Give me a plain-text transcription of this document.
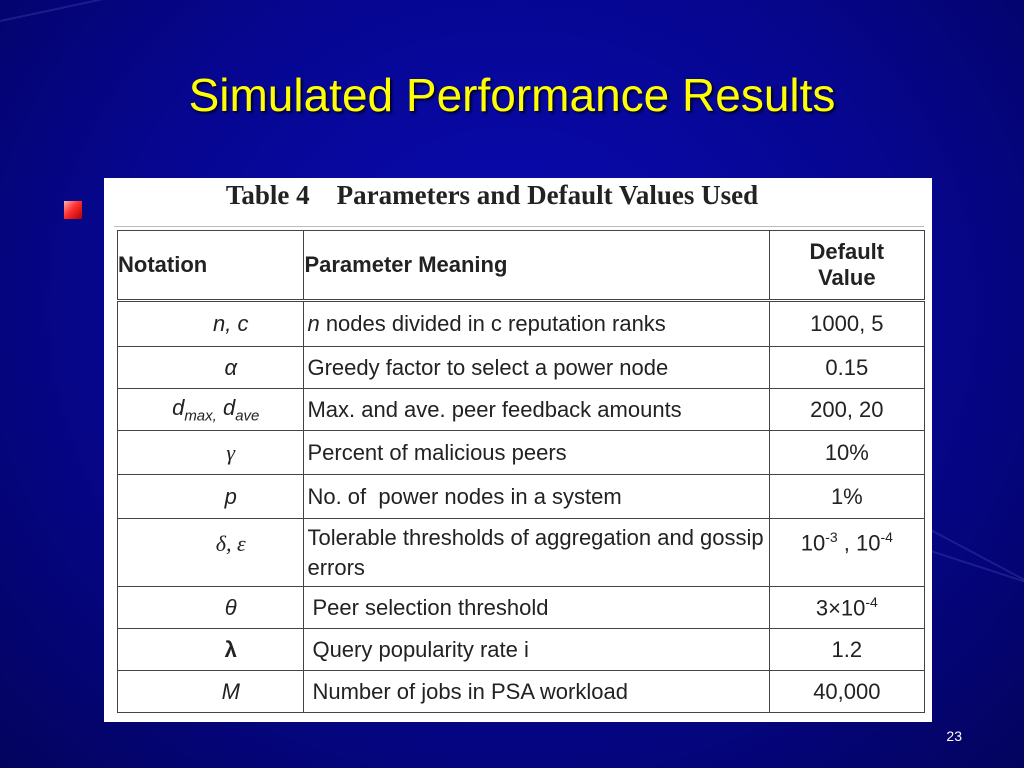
Simulated Performance Results
Table 4    Parameters and Default Values Used
Notation	Parameter Meaning	Default
Value
n, c	n nodes divided in c reputation ranks	1000, 5
α	Greedy factor to select a power node	0.15
$d_{max,}$ $d_{ave}$	Max. and ave. peer feedback amounts	200, 20
γ	Percent of malicious peers	10%
p	No. of  power nodes in a system	1%
δ, ε	Tolerable thresholds of aggregation and gossip errors	$10^{-3}$ , $10^{-4}$
θ	Peer selection threshold	$3\times 10^{-4}$
λ	Query popularity rate i	1.2
M	Number of jobs in PSA workload	40,000
23
